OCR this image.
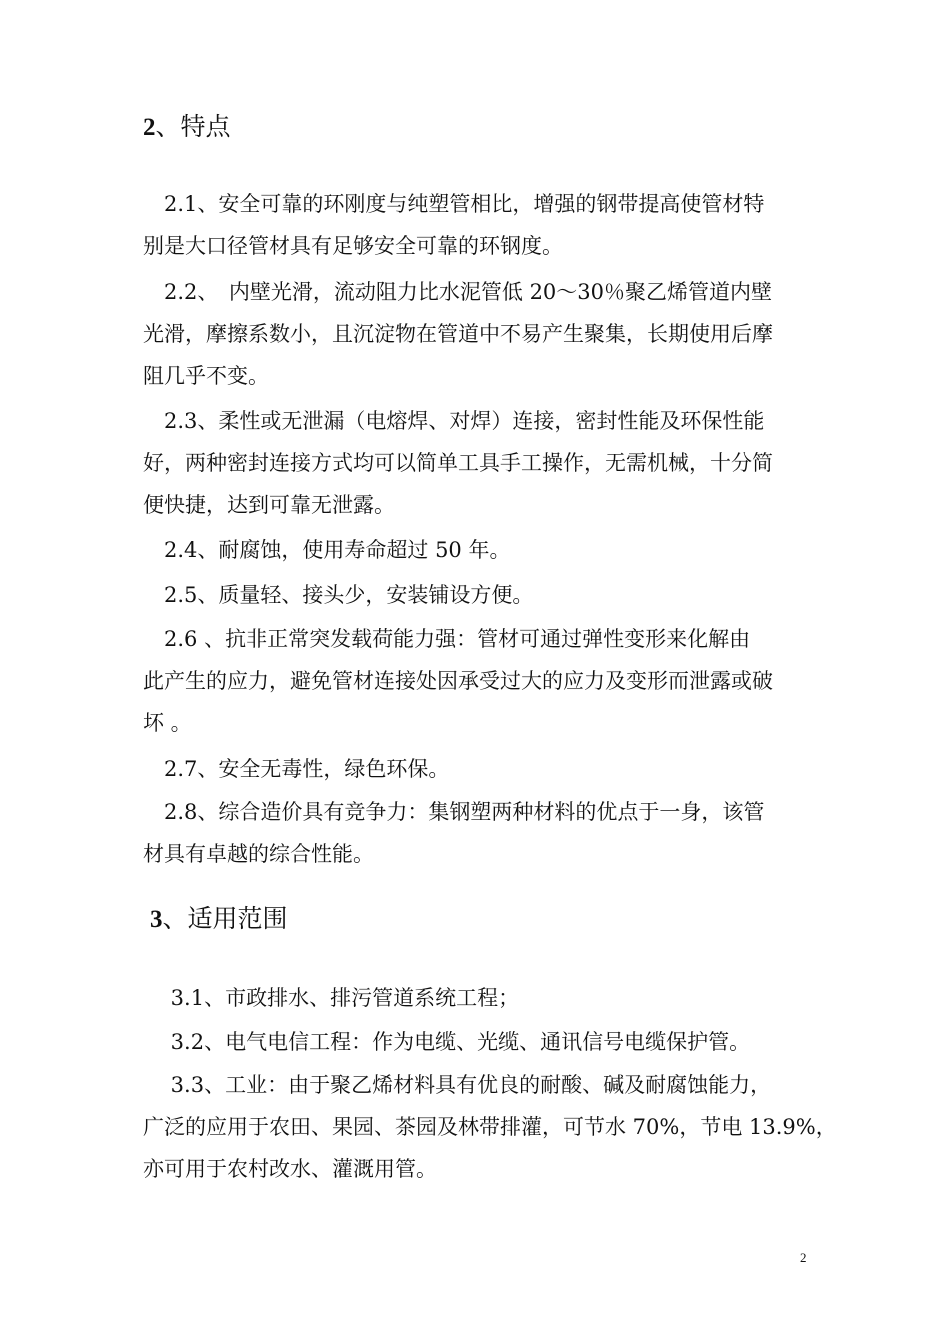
2、特点
　2.1、安全可靠的环刚度与纯塑管相比，增强的钢带提高使管材特
别是大口径管材具有足够安全可靠的环钢度。
　2.2、　内壁光滑，流动阻力比水泥管低 20～30％聚乙烯管道内壁
光滑，摩擦系数小，且沉淀物在管道中不易产生聚集，长期使用后摩
阻几乎不变。
　2.3、柔性或无泄漏（电熔焊、对焊）连接，密封性能及环保性能
好，两种密封连接方式均可以简单工具手工操作，无需机械，十分简
便快捷，达到可靠无泄露。
　2.4、耐腐蚀，使用寿命超过 50 年。
　2.5、质量轻、接头少，安装铺设方便。
　2.6 、抗非正常突发载荷能力强：管材可通过弹性变形来化解由
此产生的应力，避免管材连接处因承受过大的应力及变形而泄露或破
坏 。
　2.7、安全无毒性，绿色环保。
　2.8、综合造价具有竞争力：集钢塑两种材料的优点于一身，该管
材具有卓越的综合性能。
3、适用范围
　 3.1、市政排水、排污管道系统工程；
　 3.2、电气电信工程：作为电缆、光缆、通讯信号电缆保护管。
　 3.3、工业：由于聚乙烯材料具有优良的耐酸、碱及耐腐蚀能力，
广泛的应用于农田、果园、茶园及林带排灌，可节水 70%，节电 13.9%，
亦可用于农村改水、灌溉用管。
2
